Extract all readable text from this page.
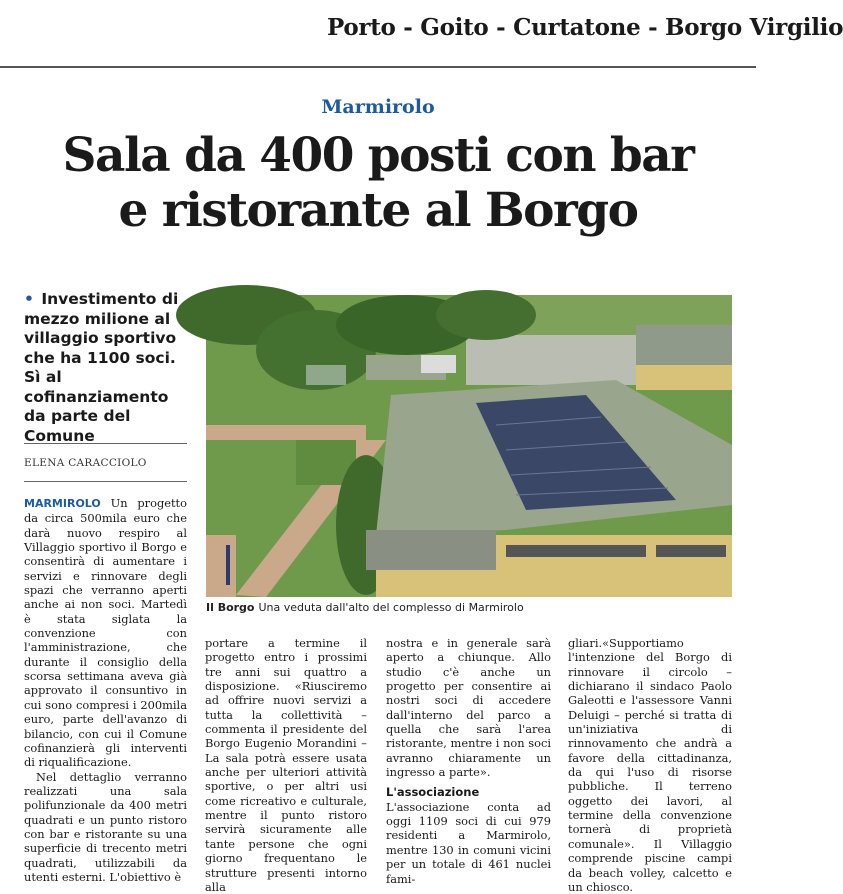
Porto - Goito - Curtatone - Borgo Virgilio
Marmirolo
Sala da 400 posti con bar
e ristorante al Borgo
• Investimento di mezzo milione al villaggio sportivo che ha 1100 soci. Sì al cofinanziamento da parte del Comune
ELENA CARACCIOLO
Il Borgo Una veduta dall'alto del complesso di Marmirolo

MARMIROLO Un progetto da circa 500mila euro che darà nuovo respiro al Villaggio sportivo il Borgo e consentirà di aumentare i servizi e rinnovare degli spazi che verranno aperti anche ai non soci. Martedì è stata siglata la convenzione con l'amministrazione, che durante il consiglio della scorsa settimana aveva già approvato il consuntivo in cui sono compresi i 200mila euro, parte dell'avanzo di bilancio, con cui il Comune cofinanzierà gli interventi di riqualificazione.

Nel dettaglio verranno realizzati una sala polifunzionale da 400 metri quadrati e un punto ristoro con bar e ristorante su una superficie di trecento metri quadrati, utilizzabili da utenti esterni. L'obiettivo è

portare a termine il progetto entro i prossimi tre anni sui quattro a disposizione. «Riusciremo ad offrire nuovi servizi a tutta la collettività – commenta il presidente del Borgo Eugenio Morandini – La sala potrà essere usata anche per ulteriori attività sportive, o per altri usi come ricreativo e culturale, mentre il punto ristoro servirà sicuramente alle tante persone che ogni giorno frequentano le strutture presenti intorno alla

nostra e in generale sarà aperto a chiunque. Allo studio c'è anche un progetto per consentire ai nostri soci di accedere dall'interno del parco a quella che sarà l'area ristorante, mentre i non soci avranno chiaramente un ingresso a parte».

L'associazione

L'associazione conta ad oggi 1109 soci di cui 979 residenti a Marmirolo, mentre 130 in comuni vicini per un totale di 461 nuclei fami-

gliari.«Supportiamo l'intenzione del Borgo di rinnovare il circolo – dichiarano il sindaco Paolo Galeotti e l'assessore Vanni Deluigi – perché si tratta di un'iniziativa di rinnovamento che andrà a favore della cittadinanza, da qui l'uso di risorse pubbliche. Il terreno oggetto dei lavori, al termine della convenzione tornerà di proprietà comunale». Il Villaggio comprende piscine campi da beach volley, calcetto e un chiosco.
